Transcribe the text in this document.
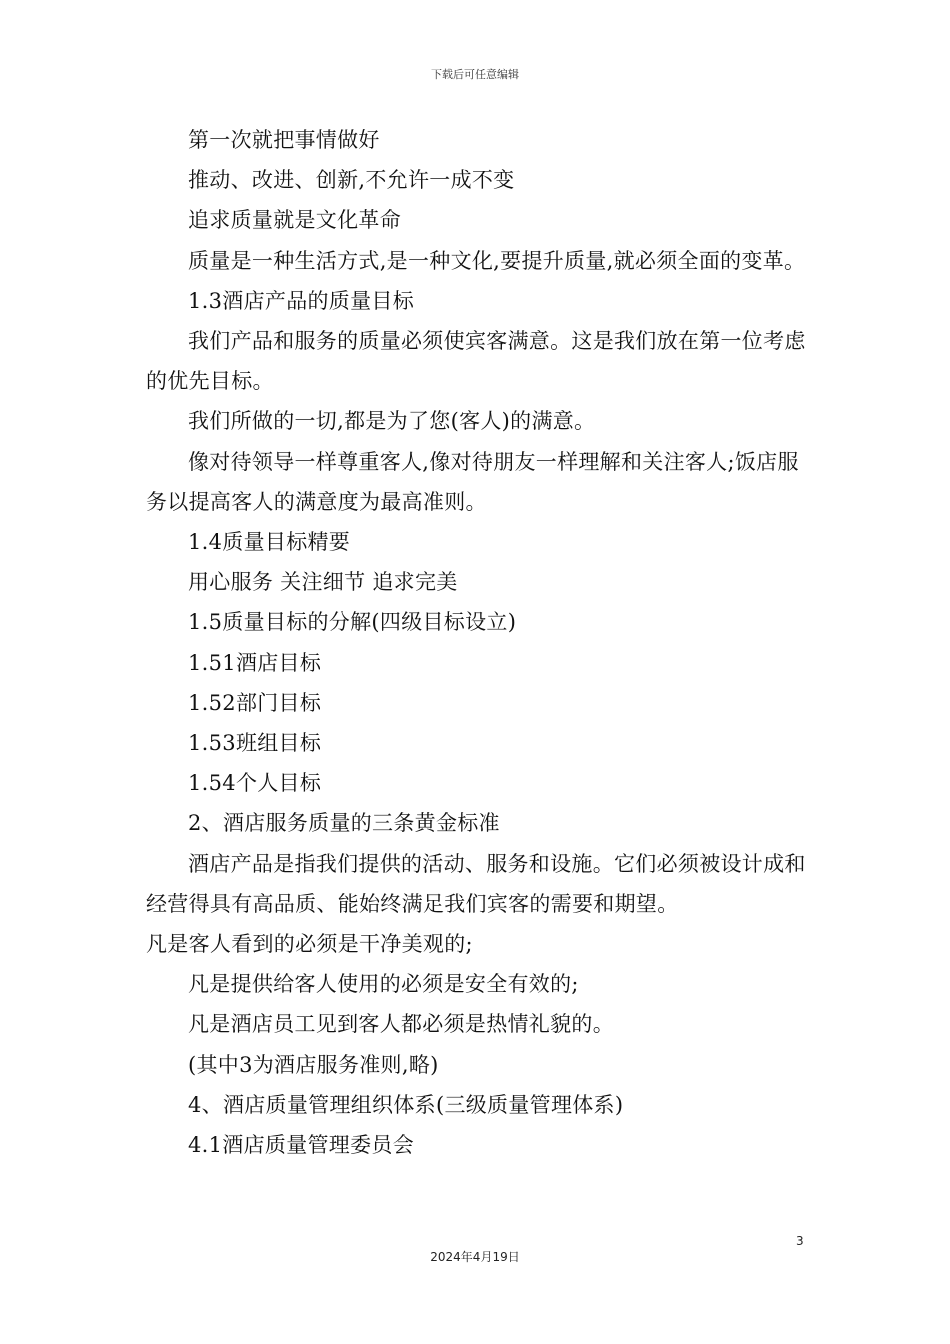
下载后可任意编辑

第一次就把事情做好

推动、改进、创新,不允许一成不变

追求质量就是文化革命

质量是一种生活方式,是一种文化,要提升质量,就必须全面的变革。

1.3酒店产品的质量目标

我们产品和服务的质量必须使宾客满意。这是我们放在第一位考虑的优先目标。

我们所做的一切,都是为了您(客人)的满意。

像对待领导一样尊重客人,像对待朋友一样理解和关注客人;饭店服务以提高客人的满意度为最高准则。

1.4质量目标精要

用心服务 关注细节 追求完美

1.5质量目标的分解(四级目标设立)

1.51酒店目标

1.52部门目标

1.53班组目标

1.54个人目标

2、酒店服务质量的三条黄金标准

酒店产品是指我们提供的活动、服务和设施。它们必须被设计成和经营得具有高品质、能始终满足我们宾客的需要和期望。

凡是客人看到的必须是干净美观的;

凡是提供给客人使用的必须是安全有效的;

凡是酒店员工见到客人都必须是热情礼貌的。

(其中3为酒店服务准则,略)

4、酒店质量管理组织体系(三级质量管理体系)

4.1酒店质量管理委员会

3
2024年4月19日
